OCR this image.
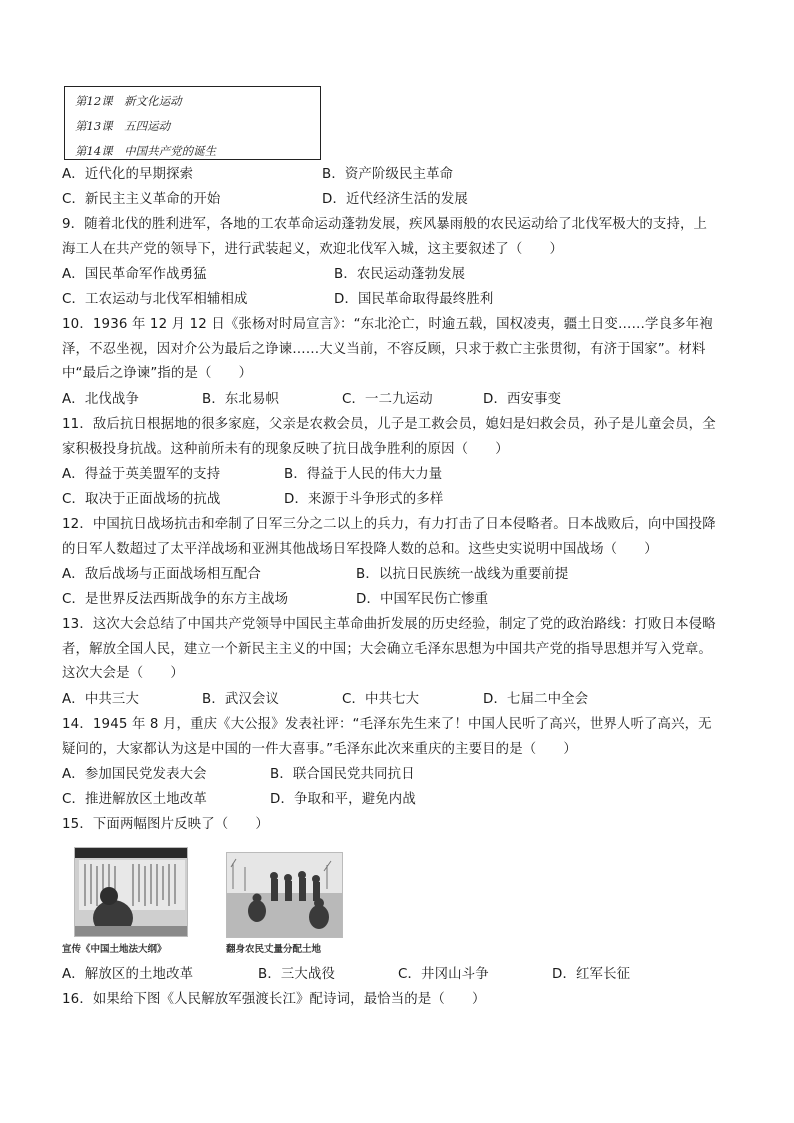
第12课　新文化运动
第13课　五四运动
第14课　中国共产党的诞生
A．近代化的早期探索	B．资产阶级民主革命
C．新民主主义革命的开始	D．近代经济生活的发展
9．随着北伐的胜利进军，各地的工农革命运动蓬勃发展，疾风暴雨般的农民运动给了北伐军极大的支持，上
海工人在共产党的领导下，进行武装起义，欢迎北伐军入城，这主要叙述了（　　）
A．国民革命军作战勇猛	B．农民运动蓬勃发展
C．工农运动与北伐军相辅相成	D．国民革命取得最终胜利
10．1936 年 12 月 12 日《张杨对时局宣言》：“东北沦亡，时逾五载，国权凌夷，疆土日变……学良多年袍
泽，不忍坐视，因对介公为最后之诤谏……大义当前，不容反顾，只求于救亡主张贯彻，有济于国家”。材料
中“最后之诤谏”指的是（　　）
A．北伐战争	B．东北易帜	C．一二九运动	D．西安事变
11．敌后抗日根据地的很多家庭，父亲是农救会员，儿子是工救会员，媳妇是妇救会员，孙子是儿童会员，全
家积极投身抗战。这种前所未有的现象反映了抗日战争胜利的原因（　　）
A．得益于英美盟军的支持	B．得益于人民的伟大力量
C．取决于正面战场的抗战	D．来源于斗争形式的多样
12．中国抗日战场抗击和牵制了日军三分之二以上的兵力，有力打击了日本侵略者。日本战败后，向中国投降
的日军人数超过了太平洋战场和亚洲其他战场日军投降人数的总和。这些史实说明中国战场（　　）
A．敌后战场与正面战场相互配合	B．以抗日民族统一战线为重要前提
C．是世界反法西斯战争的东方主战场	D．中国军民伤亡惨重
13．这次大会总结了中国共产党领导中国民主革命曲折发展的历史经验，制定了党的政治路线：打败日本侵略
者，解放全国人民，建立一个新民主主义的中国；大会确立毛泽东思想为中国共产党的指导思想并写入党章。
这次大会是（　　）
A．中共三大	B．武汉会议	C．中共七大	D．七届二中全会
14．1945 年 8 月，重庆《大公报》发表社评：“毛泽东先生来了！中国人民听了高兴，世界人听了高兴，无
疑问的，大家都认为这是中国的一件大喜事。”毛泽东此次来重庆的主要目的是（　　）
A．参加国民党发表大会	B．联合国民党共同抗日
C．推进解放区土地改革	D．争取和平，避免内战
15．下面两幅图片反映了（　　）
宣传《中国土地法大纲》	翻身农民丈量分配土地
A．解放区的土地改革	B．三大战役	C．井冈山斗争	D．红军长征
16．如果给下图《人民解放军强渡长江》配诗词，最恰当的是（　　）
